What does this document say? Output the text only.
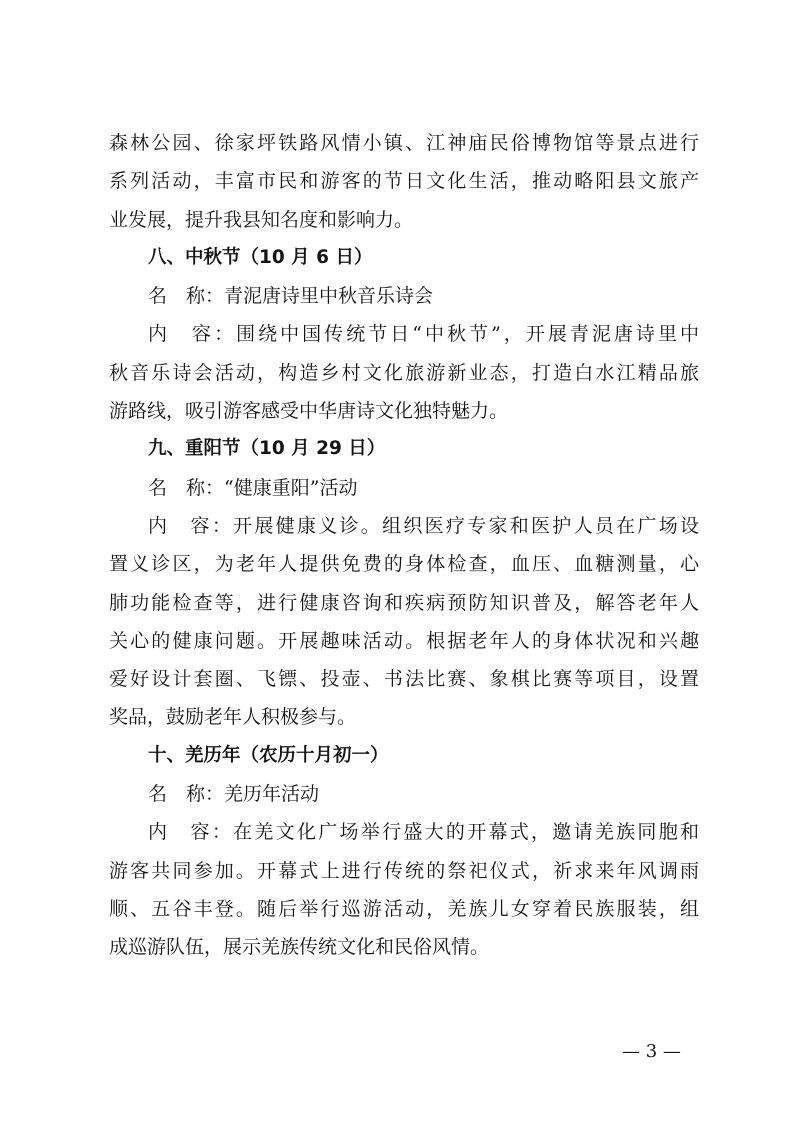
森林公园、徐家坪铁路风情小镇、江神庙民俗博物馆等景点进行
系列活动，丰富市民和游客的节日文化生活，推动略阳县文旅产
业发展，提升我县知名度和影响力。
八、中秋节（10 月 6 日）
名　称：青泥唐诗里中秋音乐诗会
内　容：围绕中国传统节日“中秋节”，开展青泥唐诗里中
秋音乐诗会活动，构造乡村文化旅游新业态，打造白水江精品旅
游路线，吸引游客感受中华唐诗文化独特魅力。
九、重阳节（10 月 29 日）
名　称：“健康重阳”活动
内　容：开展健康义诊。组织医疗专家和医护人员在广场设
置义诊区，为老年人提供免费的身体检查，血压、血糖测量，心
肺功能检查等，进行健康咨询和疾病预防知识普及，解答老年人
关心的健康问题。开展趣味活动。根据老年人的身体状况和兴趣
爱好设计套圈、飞镖、投壶、书法比赛、象棋比赛等项目，设置
奖品，鼓励老年人积极参与。
十、羌历年（农历十月初一）
名　称：羌历年活动
内　容：在羌文化广场举行盛大的开幕式，邀请羌族同胞和
游客共同参加。开幕式上进行传统的祭祀仪式，祈求来年风调雨
顺、五谷丰登。随后举行巡游活动，羌族儿女穿着民族服装，组
成巡游队伍，展示羌族传统文化和民俗风情。
— 3 —
